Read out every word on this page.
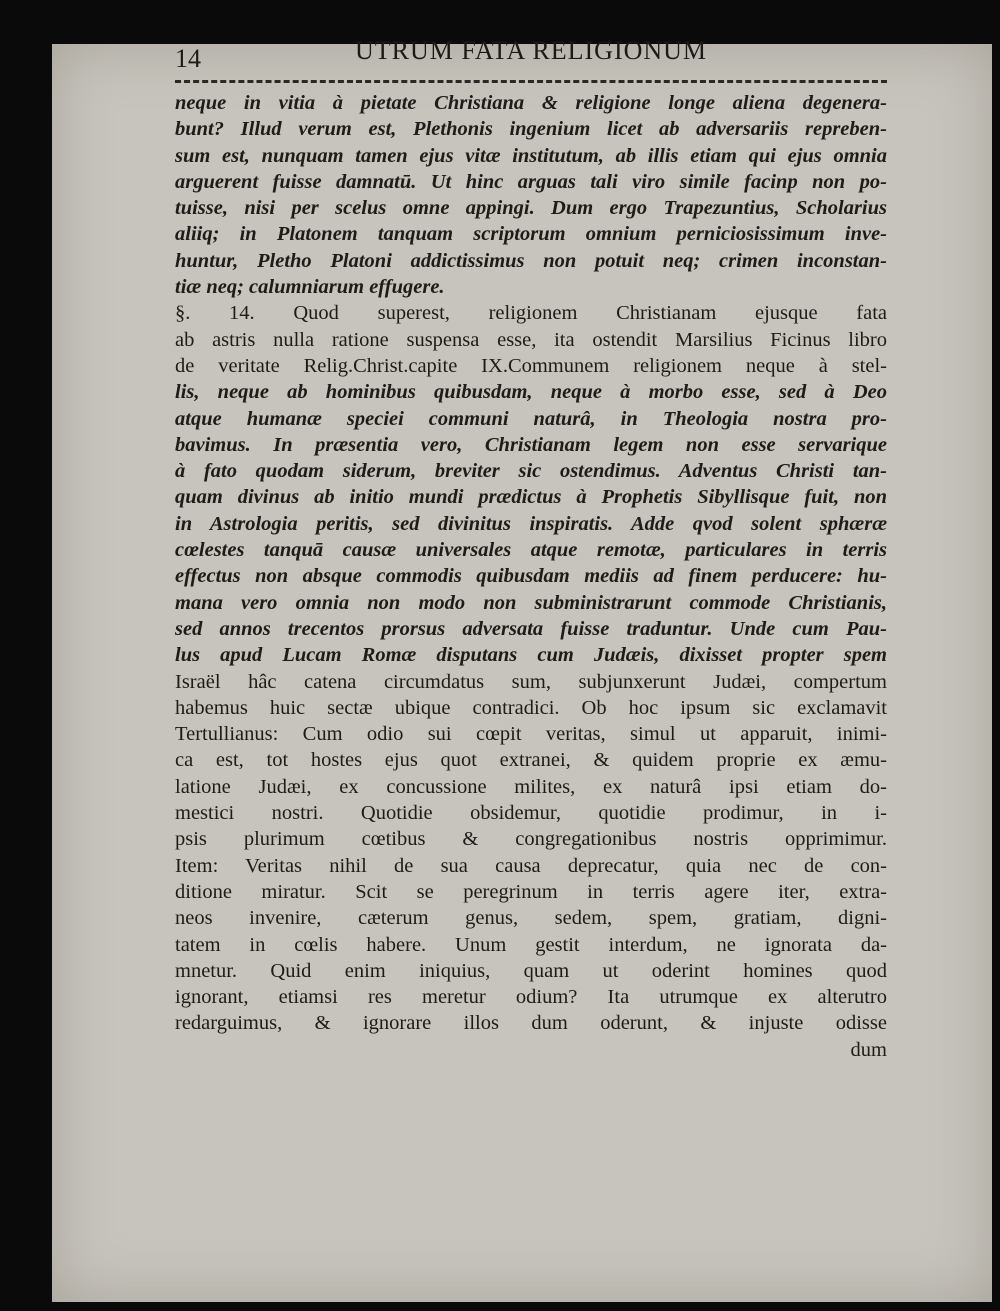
14	UTRUM FATA RELIGIONUM
neque in vitia à pietate Christiana & religione longe aliena degenera-
bunt? Illud verum est, Plethonis ingenium licet ab adversariis repreben-
sum est, nunquam tamen ejus vitæ institutum, ab illis etiam qui ejus omnia
arguerent fuisse damnatū. Ut hinc arguas tali viro simile facinp non po-
tuisse, nisi per scelus omne appingi. Dum ergo Trapezuntius, Scholarius
aliiq; in Platonem tanquam scriptorum omnium perniciosissimum inve-
huntur, Pletho Platoni addictissimus non potuit neq; crimen inconstan-
tiæ neq; calumniarum effugere.
§. 14. Quod superest, religionem Christianam ejusque fata
ab astris nulla ratione suspensa esse, ita ostendit Marsilius Ficinus libro
de veritate Relig.Christ.capite IX.Communem religionem neque à stel-
lis, neque ab hominibus quibusdam, neque à morbo esse, sed à Deo
atque humanæ speciei communi naturâ, in Theologia nostra pro-
bavimus. In præsentia vero, Christianam legem non esse servarique
à fato quodam siderum, breviter sic ostendimus. Adventus Christi tan-
quam divinus ab initio mundi prædictus à Prophetis Sibyllisque fuit, non
in Astrologia peritis, sed divinitus inspiratis. Adde qvod solent sphæræ
cœlestes tanquā causæ universales atque remotæ, particulares in terris
effectus non absque commodis quibusdam mediis ad finem perducere: hu-
mana vero omnia non modo non subministrarunt commode Christianis,
sed annos trecentos prorsus adversata fuisse traduntur. Unde cum Pau-
lus apud Lucam Romæ disputans cum Judæis, dixisset propter spem
Israël hâc catena circumdatus sum, subjunxerunt Judæi, compertum
habemus huic sectæ ubique contradici. Ob hoc ipsum sic exclamavit
Tertullianus: Cum odio sui cœpit veritas, simul ut apparuit, inimi-
ca est, tot hostes ejus quot extranei, & quidem proprie ex æmu-
latione Judæi, ex concussione milites, ex naturâ ipsi etiam do-
mestici nostri. Quotidie obsidemur, quotidie prodimur, in i-
psis plurimum cœtibus & congregationibus nostris opprimimur.
Item: Veritas nihil de sua causa deprecatur, quia nec de con-
ditione miratur. Scit se peregrinum in terris agere iter, extra-
neos invenire, cæterum genus, sedem, spem, gratiam, digni-
tatem in cœlis habere. Unum gestit interdum, ne ignorata da-
mnetur. Quid enim iniquius, quam ut oderint homines quod
ignorant, etiamsi res meretur odium? Ita utrumque ex alterutro
redarguimus, & ignorare illos dum oderunt, & injuste odisse
dum
